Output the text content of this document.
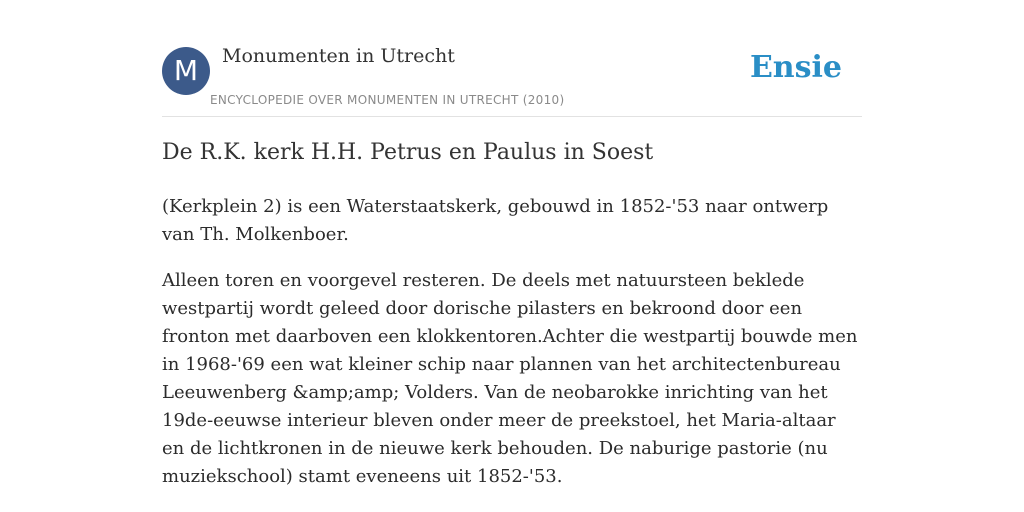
M	Monumenten in Utrecht
ENCYCLOPEDIE OVER MONUMENTEN IN UTRECHT (2010)
Ensie
De R.K. kerk H.H. Petrus en Paulus in Soest

(Kerkplein 2) is een Waterstaatskerk, gebouwd in 1852-'53 naar ontwerp van Th. Molkenboer.

Alleen toren en voorgevel resteren. De deels met natuursteen beklede westpartij wordt geleed door dorische pilasters en bekroond door een fronton met daarboven een klokkentoren.Achter die westpartij bouwde men in 1968-'69 een wat kleiner schip naar plannen van het architectenbureau Leeuwenberg &amp;amp; Volders. Van de neobarokke inrichting van het 19de-eeuwse interieur bleven onder meer de preekstoel, het Maria-altaar en de lichtkronen in de nieuwe kerk behouden. De naburige pastorie (nu muziekschool) stamt eveneens uit 1852-'53.
